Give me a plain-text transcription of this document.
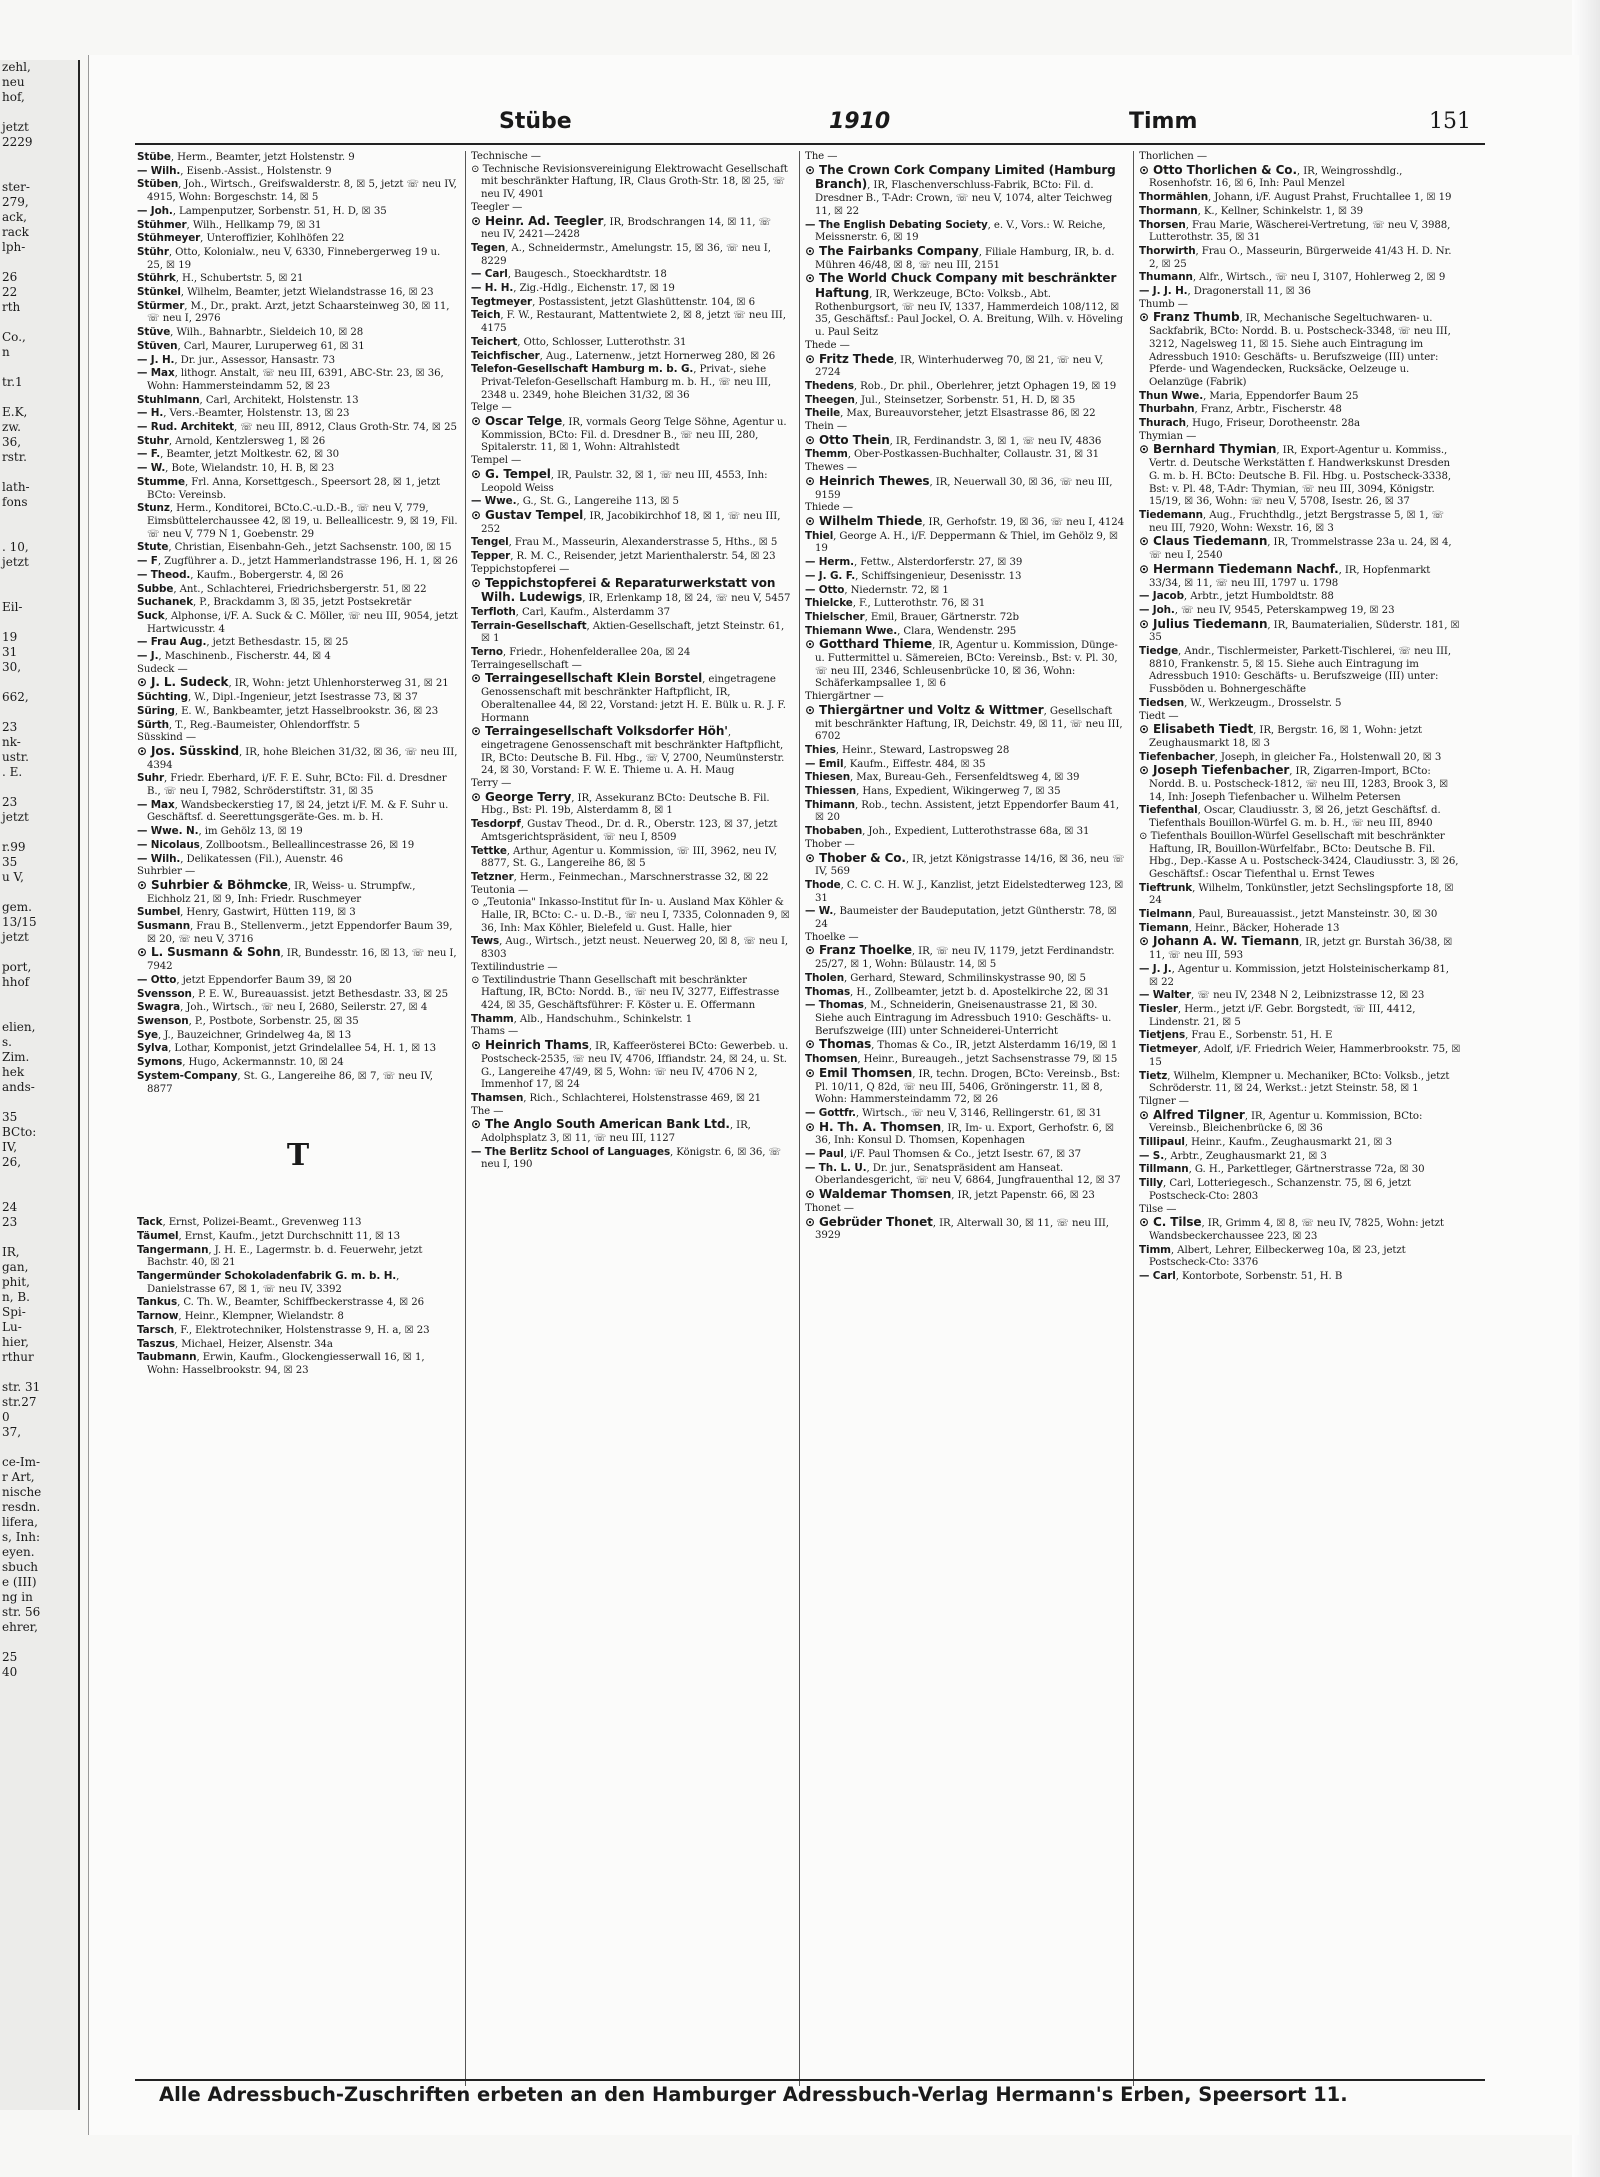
zehl,
neu
hof,

jetzt
2229

ster-
279,
ack,
rack
lph-

26
22
rth

Co.,
n

tr.1

E.K,
zw.
36,
rstr.

lath-
fons

. 10,
jetzt

Eil-

19
31
30,

662,

23
nk-
ustr.
. E.

23
jetzt

r.99
35
u V,

gem.
13/15
jetzt

port,
hhof

elien,
s.
Zim.
hek
ands-

35
BCto:
IV,
26,

24
23

IR,
gan,
phit,
n, B.
Spi-
Lu-
hier,
rthur

str. 31
str.27
0
37,

ce-Im-
r Art,
nische
resdn.
lifera,
s, Inh:
eyen.
sbuch
e (III)
ng in
str. 56
ehrer,

25
40
Stübe	1910	Timm	151

Stübe, Herm., Beamter, jetzt Holstenstr. 9

— Wilh., Eisenb.-Assist., Holstenstr. 9

Stüben, Joh., Wirtsch., Greifswalderstr. 8, ☒ 5, jetzt ☏ neu IV, 4915, Wohn: Borgeschstr. 14, ☒ 5

— Joh., Lampenputzer, Sorbenstr. 51, H. D, ☒ 35

Stühmer, Wilh., Hellkamp 79, ☒ 31

Stühmeyer, Unteroffizier, Kohlhöfen 22

Stühr, Otto, Kolonialw., neu V, 6330, Finnebergerweg 19 u. 25, ☒ 19

Stührk, H., Schubertstr. 5, ☒ 21

Stünkel, Wilhelm, Beamter, jetzt Wielandstrasse 16, ☒ 23

Stürmer, M., Dr., prakt. Arzt, jetzt Schaarsteinweg 30, ☒ 11, ☏ neu I, 2976

Stüve, Wilh., Bahnarbtr., Sieldeich 10, ☒ 28

Stüven, Carl, Maurer, Luruperweg 61, ☒ 31

— J. H., Dr. jur., Assessor, Hansastr. 73

— Max, lithogr. Anstalt, ☏ neu III, 6391, ABC-Str. 23, ☒ 36, Wohn: Hammersteindamm 52, ☒ 23

Stuhlmann, Carl, Architekt, Holstenstr. 13

— H., Vers.-Beamter, Holstenstr. 13, ☒ 23

— Rud. Architekt, ☏ neu III, 8912, Claus Groth-Str. 74, ☒ 25

Stuhr, Arnold, Kentzlersweg 1, ☒ 26

— F., Beamter, jetzt Moltkestr. 62, ☒ 30

— W., Bote, Wielandstr. 10, H. B, ☒ 23

Stumme, Frl. Anna, Korsettgesch., Speersort 28, ☒ 1, jetzt BCto: Vereinsb.

Stunz, Herm., Konditorei, BCto.C.-u.D.-B., ☏ neu V, 779, Eimsbüttelerchaussee 42, ☒ 19, u. Belleallicestr. 9, ☒ 19, Fil. ☏ neu V, 779 N 1, Goebenstr. 29

Stute, Christian, Eisenbahn-Geh., jetzt Sachsenstr. 100, ☒ 15

— F, Zugführer a. D., jetzt Hammerlandstrasse 196, H. 1, ☒ 26

— Theod., Kaufm., Bobergerstr. 4, ☒ 26

Subbe, Ant., Schlachterei, Friedrichsbergerstr. 51, ☒ 22

Suchanek, P., Brackdamm 3, ☒ 35, jetzt Postsekretär

Suck, Alphonse, i/F. A. Suck & C. Möller, ☏ neu III, 9054, jetzt Hartwicusstr. 4

— Frau Aug., jetzt Bethesdastr. 15, ☒ 25

— J., Maschinenb., Fischerstr. 44, ☒ 4

Sudeck —

⊙ J. L. Sudeck, IR, Wohn: jetzt Uhlenhorsterweg 31, ☒ 21

Süchting, W., Dipl.-Ingenieur, jetzt Isestrasse 73, ☒ 37

Süring, E. W., Bankbeamter, jetzt Hasselbrookstr. 36, ☒ 23

Sürth, T., Reg.-Baumeister, Ohlendorffstr. 5

Süsskind —

⊙ Jos. Süsskind, IR, hohe Bleichen 31/32, ☒ 36, ☏ neu III, 4394

Suhr, Friedr. Eberhard, i/F. F. E. Suhr, BCto: Fil. d. Dresdner B., ☏ neu I, 7982, Schröderstiftstr. 31, ☒ 35

— Max, Wandsbeckerstieg 17, ☒ 24, jetzt i/F. M. & F. Suhr u. Geschäftsf. d. Seerettungsgeräte-Ges. m. b. H.

— Wwe. N., im Gehölz 13, ☒ 19

— Nicolaus, Zollbootsm., Belleallincestrasse 26, ☒ 19

— Wilh., Delikatessen (Fil.), Auenstr. 46

Suhrbier —

⊙ Suhrbier & Böhmcke, IR, Weiss- u. Strumpfw., Eichholz 21, ☒ 9, Inh: Friedr. Ruschmeyer

Sumbel, Henry, Gastwirt, Hütten 119, ☒ 3

Susmann, Frau B., Stellenverm., jetzt Eppendorfer Baum 39, ☒ 20, ☏ neu V, 3716

⊙ L. Susmann & Sohn, IR, Bundesstr. 16, ☒ 13, ☏ neu I, 7942

— Otto, jetzt Eppendorfer Baum 39, ☒ 20

Svensson, P. E. W., Bureauassist. jetzt Bethesdastr. 33, ☒ 25

Swagra, Joh., Wirtsch., ☏ neu I, 2680, Seilerstr. 27, ☒ 4

Swenson, P., Postbote, Sorbenstr. 25, ☒ 35

Sye, J., Bauzeichner, Grindelweg 4a, ☒ 13

Sylva, Lothar, Komponist, jetzt Grindelallee 54, H. 1, ☒ 13

Symons, Hugo, Ackermannstr. 10, ☒ 24

System-Company, St. G., Langereihe 86, ☒ 7, ☏ neu IV, 8877

T

Tack, Ernst, Polizei-Beamt., Grevenweg 113

Täumel, Ernst, Kaufm., jetzt Durchschnitt 11, ☒ 13

Tangermann, J. H. E., Lagermstr. b. d. Feuerwehr, jetzt Bachstr. 40, ☒ 21

Tangermünder Schokoladenfabrik G. m. b. H., Danielstrasse 67, ☒ 1, ☏ neu IV, 3392

Tankus, C. Th. W., Beamter, Schiffbeckerstrasse 4, ☒ 26

Tarnow, Heinr., Klempner, Wielandstr. 8

Tarsch, F., Elektrotechniker, Holstenstrasse 9, H. a, ☒ 23

Taszus, Michael, Heizer, Alsenstr. 34a

Taubmann, Erwin, Kaufm., Glockengiesserwall 16, ☒ 1, Wohn: Hasselbrookstr. 94, ☒ 23

Technische —

⊙ Technische Revisionsvereinigung Elektrowacht Gesellschaft mit beschränkter Haftung, IR, Claus Groth-Str. 18, ☒ 25, ☏ neu IV, 4901

Teegler —

⊙ Heinr. Ad. Teegler, IR, Brodschrangen 14, ☒ 11, ☏ neu IV, 2421—2428

Tegen, A., Schneidermstr., Amelungstr. 15, ☒ 36, ☏ neu I, 8229

— Carl, Baugesch., Stoeckhardtstr. 18

— H. H., Zig.-Hdlg., Eichenstr. 17, ☒ 19

Tegtmeyer, Postassistent, jetzt Glashüttenstr. 104, ☒ 6

Teich, F. W., Restaurant, Mattentwiete 2, ☒ 8, jetzt ☏ neu III, 4175

Teichert, Otto, Schlosser, Lutterothstr. 31

Teichfischer, Aug., Laternenw., jetzt Hornerweg 280, ☒ 26

Telefon-Gesellschaft Hamburg m. b. G., Privat-, siehe Privat-Telefon-Gesellschaft Hamburg m. b. H., ☏ neu III, 2348 u. 2349, hohe Bleichen 31/32, ☒ 36

Telge —

⊙ Oscar Telge, IR, vormals Georg Telge Söhne, Agentur u. Kommission, BCto: Fil. d. Dresdner B., ☏ neu III, 280, Spitalerstr. 11, ☒ 1, Wohn: Altrahlstedt

Tempel —

⊙ G. Tempel, IR, Paulstr. 32, ☒ 1, ☏ neu III, 4553, Inh: Leopold Weiss

— Wwe., G., St. G., Langereihe 113, ☒ 5

⊙ Gustav Tempel, IR, Jacobikirchhof 18, ☒ 1, ☏ neu III, 252

Tengel, Frau M., Masseurin, Alexanderstrasse 5, Hths., ☒ 5

Tepper, R. M. C., Reisender, jetzt Marienthalerstr. 54, ☒ 23

Teppichstopferei —

⊙ Teppichstopferei & Reparaturwerkstatt von Wilh. Ludewigs, IR, Erlenkamp 18, ☒ 24, ☏ neu V, 5457

Terfloth, Carl, Kaufm., Alsterdamm 37

Terrain-Gesellschaft, Aktien-Gesellschaft, jetzt Steinstr. 61, ☒ 1

Terno, Friedr., Hohenfelderallee 20a, ☒ 24

Terraingesellschaft —

⊙ Terraingesellschaft Klein Borstel, eingetragene Genossenschaft mit beschränkter Haftpflicht, IR, Oberaltenallee 44, ☒ 22, Vorstand: jetzt H. E. Bülk u. R. J. F. Hormann

⊙ Terraingesellschaft Volksdorfer Höh', eingetragene Genossenschaft mit beschränkter Haftpflicht, IR, BCto: Deutsche B. Fil. Hbg., ☏ V, 2700, Neumünsterstr. 24, ☒ 30, Vorstand: F. W. E. Thieme u. A. H. Maug

Terry —

⊙ George Terry, IR, Assekuranz BCto: Deutsche B. Fil. Hbg., Bst: Pl. 19b, Alsterdamm 8, ☒ 1

Tesdorpf, Gustav Theod., Dr. d. R., Oberstr. 123, ☒ 37, jetzt Amtsgerichtspräsident, ☏ neu I, 8509

Tettke, Arthur, Agentur u. Kommission, ☏ III, 3962, neu IV, 8877, St. G., Langereihe 86, ☒ 5

Tetzner, Herm., Feinmechan., Marschnerstrasse 32, ☒ 22

Teutonia —

⊙ „Teutonia" Inkasso-Institut für In- u. Ausland Max Köhler & Halle, IR, BCto: C.- u. D.-B., ☏ neu I, 7335, Colonnaden 9, ☒ 36, Inh: Max Köhler, Bielefeld u. Gust. Halle, hier

Tews, Aug., Wirtsch., jetzt neust. Neuerweg 20, ☒ 8, ☏ neu I, 8303

Textilindustrie —

⊙ Textilindustrie Thann Gesellschaft mit beschränkter Haftung, IR, BCto: Nordd. B., ☏ neu IV, 3277, Eiffestrasse 424, ☒ 35, Geschäftsführer: F. Köster u. E. Offermann

Thamm, Alb., Handschuhm., Schinkelstr. 1

Thams —

⊙ Heinrich Thams, IR, Kaffeerösterei BCto: Gewerbeb. u. Postscheck-2535, ☏ neu IV, 4706, Iffiandstr. 24, ☒ 24, u. St. G., Langereihe 47/49, ☒ 5, Wohn: ☏ neu IV, 4706 N 2, Immenhof 17, ☒ 24

Thamsen, Rich., Schlachterei, Holstenstrasse 469, ☒ 21

The —

⊙ The Anglo South American Bank Ltd., IR, Adolphsplatz 3, ☒ 11, ☏ neu III, 1127

— The Berlitz School of Languages, Königstr. 6, ☒ 36, ☏ neu I, 190

The —

⊙ The Crown Cork Company Limited (Hamburg Branch), IR, Flaschenverschluss-Fabrik, BCto: Fil. d. Dresdner B., T-Adr: Crown, ☏ neu V, 1074, alter Teichweg 11, ☒ 22

— The English Debating Society, e. V., Vors.: W. Reiche, Meissnerstr. 6, ☒ 19

⊙ The Fairbanks Company, Filiale Hamburg, IR, b. d. Mühren 46/48, ☒ 8, ☏ neu III, 2151

⊙ The World Chuck Company mit beschränkter Haftung, IR, Werkzeuge, BCto: Volksb., Abt. Rothenburgsort, ☏ neu IV, 1337, Hammerdeich 108/112, ☒ 35, Geschäftsf.: Paul Jockel, O. A. Breitung, Wilh. v. Höveling u. Paul Seitz

Thede —

⊙ Fritz Thede, IR, Winterhuderweg 70, ☒ 21, ☏ neu V, 2724

Thedens, Rob., Dr. phil., Oberlehrer, jetzt Ophagen 19, ☒ 19

Theegen, Jul., Steinsetzer, Sorbenstr. 51, H. D, ☒ 35

Theile, Max, Bureauvorsteher, jetzt Elsastrasse 86, ☒ 22

Thein —

⊙ Otto Thein, IR, Ferdinandstr. 3, ☒ 1, ☏ neu IV, 4836

Themm, Ober-Postkassen-Buchhalter, Collaustr. 31, ☒ 31

Thewes —

⊙ Heinrich Thewes, IR, Neuerwall 30, ☒ 36, ☏ neu III, 9159

Thiede —

⊙ Wilhelm Thiede, IR, Gerhofstr. 19, ☒ 36, ☏ neu I, 4124

Thiel, George A. H., i/F. Deppermann & Thiel, im Gehölz 9, ☒ 19

— Herm., Fettw., Alsterdorferstr. 27, ☒ 39

— J. G. F., Schiffsingenieur, Desenisstr. 13

— Otto, Niedernstr. 72, ☒ 1

Thielcke, F., Lutterothstr. 76, ☒ 31

Thielscher, Emil, Brauer, Gärtnerstr. 72b

Thiemann Wwe., Clara, Wendenstr. 295

⊙ Gotthard Thieme, IR, Agentur u. Kommission, Dünge- u. Futtermittel u. Sämereien, BCto: Vereinsb., Bst: v. Pl. 30, ☏ neu III, 2346, Schleusenbrücke 10, ☒ 36, Wohn: Schäferkampsallee 1, ☒ 6

Thiergärtner —

⊙ Thiergärtner und Voltz & Wittmer, Gesellschaft mit beschränkter Haftung, IR, Deichstr. 49, ☒ 11, ☏ neu III, 6702

Thies, Heinr., Steward, Lastropsweg 28

— Emil, Kaufm., Eiffestr. 484, ☒ 35

Thiesen, Max, Bureau-Geh., Fersenfeldtsweg 4, ☒ 39

Thiessen, Hans, Expedient, Wikingerweg 7, ☒ 35

Thimann, Rob., techn. Assistent, jetzt Eppendorfer Baum 41, ☒ 20

Thobaben, Joh., Expedient, Lutterothstrasse 68a, ☒ 31

Thober —

⊙ Thober & Co., IR, jetzt Königstrasse 14/16, ☒ 36, neu ☏ IV, 569

Thode, C. C. C. H. W. J., Kanzlist, jetzt Eidelstedterweg 123, ☒ 31

— W., Baumeister der Baudeputation, jetzt Güntherstr. 78, ☒ 24

Thoelke —

⊙ Franz Thoelke, IR, ☏ neu IV, 1179, jetzt Ferdinandstr. 25/27, ☒ 1, Wohn: Bülaustr. 14, ☒ 5

Tholen, Gerhard, Steward, Schmilinskystrasse 90, ☒ 5

Thomas, H., Zollbeamter, jetzt b. d. Apostelkirche 22, ☒ 31

— Thomas, M., Schneiderin, Gneisenaustrasse 21, ☒ 30. Siehe auch Eintragung im Adressbuch 1910: Geschäfts- u. Berufszweige (III) unter Schneiderei-Unterricht

⊙ Thomas, Thomas & Co., IR, jetzt Alsterdamm 16/19, ☒ 1

Thomsen, Heinr., Bureaugeh., jetzt Sachsenstrasse 79, ☒ 15

⊙ Emil Thomsen, IR, techn. Drogen, BCto: Vereinsb., Bst: Pl. 10/11, Q 82d, ☏ neu III, 5406, Gröningerstr. 11, ☒ 8, Wohn: Hammersteindamm 72, ☒ 26

— Gottfr., Wirtsch., ☏ neu V, 3146, Rellingerstr. 61, ☒ 31

⊙ H. Th. A. Thomsen, IR, Im- u. Export, Gerhofstr. 6, ☒ 36, Inh: Konsul D. Thomsen, Kopenhagen

— Paul, i/F. Paul Thomsen & Co., jetzt Isestr. 67, ☒ 37

— Th. L. U., Dr. jur., Senatspräsident am Hanseat. Oberlandesgericht, ☏ neu V, 6864, Jungfrauenthal 12, ☒ 37

⊙ Waldemar Thomsen, IR, jetzt Papenstr. 66, ☒ 23

Thonet —

⊙ Gebrüder Thonet, IR, Alterwall 30, ☒ 11, ☏ neu III, 3929

Thorlichen —

⊙ Otto Thorlichen & Co., IR, Weingrosshdlg., Rosenhofstr. 16, ☒ 6, Inh: Paul Menzel

Thormählen, Johann, i/F. August Prahst, Fruchtallee 1, ☒ 19

Thormann, K., Kellner, Schinkelstr. 1, ☒ 39

Thorsen, Frau Marie, Wäscherei-Vertretung, ☏ neu V, 3988, Lutterothstr. 35, ☒ 31

Thorwirth, Frau O., Masseurin, Bürgerweide 41/43 H. D. Nr. 2, ☒ 25

Thumann, Alfr., Wirtsch., ☏ neu I, 3107, Hohlerweg 2, ☒ 9

— J. J. H., Dragonerstall 11, ☒ 36

Thumb —

⊙ Franz Thumb, IR, Mechanische Segeltuchwaren- u. Sackfabrik, BCto: Nordd. B. u. Postscheck-3348, ☏ neu III, 3212, Nagelsweg 11, ☒ 15. Siehe auch Eintragung im Adressbuch 1910: Geschäfts- u. Berufszweige (III) unter: Pferde- und Wagendecken, Rucksäcke, Oelzeuge u. Oelanzüge (Fabrik)

Thun Wwe., Maria, Eppendorfer Baum 25

Thurbahn, Franz, Arbtr., Fischerstr. 48

Thurach, Hugo, Friseur, Dorotheenstr. 28a

Thymian —

⊙ Bernhard Thymian, IR, Export-Agentur u. Kommiss., Vertr. d. Deutsche Werkstätten f. Handwerkskunst Dresden G. m. b. H. BCto: Deutsche B. Fil. Hbg. u. Postscheck-3338, Bst: v. Pl. 48, T-Adr: Thymian, ☏ neu III, 3094, Königstr. 15/19, ☒ 36, Wohn: ☏ neu V, 5708, Isestr. 26, ☒ 37

Tiedemann, Aug., Fruchthdlg., jetzt Bergstrasse 5, ☒ 1, ☏ neu III, 7920, Wohn: Wexstr. 16, ☒ 3

⊙ Claus Tiedemann, IR, Trommelstrasse 23a u. 24, ☒ 4, ☏ neu I, 2540

⊙ Hermann Tiedemann Nachf., IR, Hopfenmarkt 33/34, ☒ 11, ☏ neu III, 1797 u. 1798

— Jacob, Arbtr., jetzt Humboldtstr. 88

— Joh., ☏ neu IV, 9545, Peterskampweg 19, ☒ 23

⊙ Julius Tiedemann, IR, Baumaterialien, Süderstr. 181, ☒ 35

Tiedge, Andr., Tischlermeister, Parkett-Tischlerei, ☏ neu III, 8810, Frankenstr. 5, ☒ 15. Siehe auch Eintragung im Adressbuch 1910: Geschäfts- u. Berufszweige (III) unter: Fussböden u. Bohnergeschäfte

Tiedsen, W., Werkzeugm., Drosselstr. 5

Tiedt —

⊙ Elisabeth Tiedt, IR, Bergstr. 16, ☒ 1, Wohn: jetzt Zeughausmarkt 18, ☒ 3

Tiefenbacher, Joseph, in gleicher Fa., Holstenwall 20, ☒ 3

⊙ Joseph Tiefenbacher, IR, Zigarren-Import, BCto: Nordd. B. u. Postscheck-1812, ☏ neu III, 1283, Brook 3, ☒ 14, Inh: Joseph Tiefenbacher u. Wilhelm Petersen

Tiefenthal, Oscar, Claudiusstr. 3, ☒ 26, jetzt Geschäftsf. d. Tiefenthals Bouillon-Würfel G. m. b. H., ☏ neu III, 8940

⊙ Tiefenthals Bouillon-Würfel Gesellschaft mit beschränkter Haftung, IR, Bouillon-Würfelfabr., BCto: Deutsche B. Fil. Hbg., Dep.-Kasse A u. Postscheck-3424, Claudiusstr. 3, ☒ 26, Geschäftsf.: Oscar Tiefenthal u. Ernst Tewes

Tieftrunk, Wilhelm, Tonkünstler, jetzt Sechslingspforte 18, ☒ 24

Tielmann, Paul, Bureauassist., jetzt Mansteinstr. 30, ☒ 30

Tiemann, Heinr., Bäcker, Hoherade 13

⊙ Johann A. W. Tiemann, IR, jetzt gr. Burstah 36/38, ☒ 11, ☏ neu III, 593

— J. J., Agentur u. Kommission, jetzt Holsteinischerkamp 81, ☒ 22

— Walter, ☏ neu IV, 2348 N 2, Leibnizstrasse 12, ☒ 23

Tiesler, Herm., jetzt i/F. Gebr. Borgstedt, ☏ III, 4412, Lindenstr. 21, ☒ 5

Tietjens, Frau E., Sorbenstr. 51, H. E

Tietmeyer, Adolf, i/F. Friedrich Weier, Hammerbrookstr. 75, ☒ 15

Tietz, Wilhelm, Klempner u. Mechaniker, BCto: Volksb., jetzt Schröderstr. 11, ☒ 24, Werkst.: jetzt Steinstr. 58, ☒ 1

Tilgner —

⊙ Alfred Tilgner, IR, Agentur u. Kommission, BCto: Vereinsb., Bleichenbrücke 6, ☒ 36

Tillipaul, Heinr., Kaufm., Zeughausmarkt 21, ☒ 3

— S., Arbtr., Zeughausmarkt 21, ☒ 3

Tillmann, G. H., Parkettleger, Gärtnerstrasse 72a, ☒ 30

Tilly, Carl, Lotteriegesch., Schanzenstr. 75, ☒ 6, jetzt Postscheck-Cto: 2803

Tilse —

⊙ C. Tilse, IR, Grimm 4, ☒ 8, ☏ neu IV, 7825, Wohn: jetzt Wandsbeckerchaussee 223, ☒ 23

Timm, Albert, Lehrer, Eilbeckerweg 10a, ☒ 23, jetzt Postscheck-Cto: 3376

— Carl, Kontorbote, Sorbenstr. 51, H. B

Alle Adressbuch-Zuschriften erbeten an den Hamburger Adressbuch-Verlag Hermann's Erben, Speersort 11.
